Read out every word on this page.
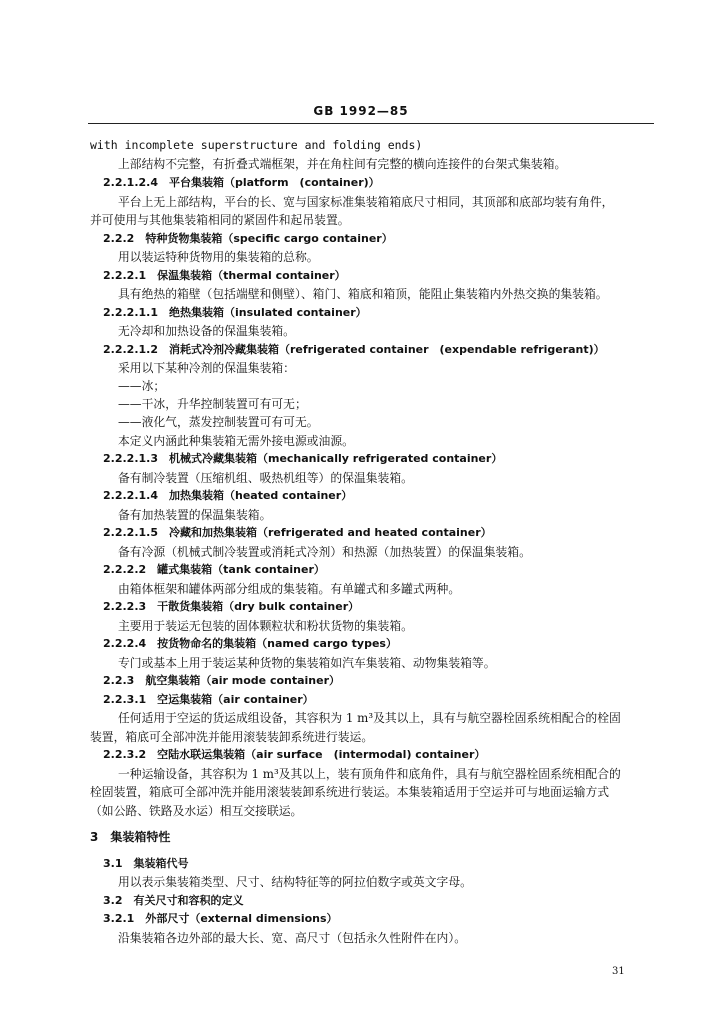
GB 1992—85
with incomplete superstructure and folding ends)
上部结构不完整，有折叠式端框架，并在角柱间有完整的横向连接件的台架式集装箱。
2.2.1.2.4　平台集装箱（platform　(container)）
平台上无上部结构，平台的长、宽与国家标准集装箱箱底尺寸相同，其顶部和底部均装有角件，
并可使用与其他集装箱相同的紧固件和起吊装置。
2.2.2　特种货物集装箱（specific cargo container）
用以装运特种货物用的集装箱的总称。
2.2.2.1　保温集装箱（thermal container）
具有绝热的箱壁（包括端壁和侧壁）、箱门、箱底和箱顶，能阻止集装箱内外热交换的集装箱。
2.2.2.1.1　绝热集装箱（insulated container）
无冷却和加热设备的保温集装箱。
2.2.2.1.2　消耗式冷剂冷藏集装箱（refrigerated container　(expendable refrigerant)）
采用以下某种冷剂的保温集装箱：
——冰；
——干冰，升华控制装置可有可无；
——液化气，蒸发控制装置可有可无。
本定义内涵此种集装箱无需外接电源或油源。
2.2.2.1.3　机械式冷藏集装箱（mechanically refrigerated container）
备有制冷装置（压缩机组、吸热机组等）的保温集装箱。
2.2.2.1.4　加热集装箱（heated container）
备有加热装置的保温集装箱。
2.2.2.1.5　冷藏和加热集装箱（refrigerated and heated container）
备有冷源（机械式制冷装置或消耗式冷剂）和热源（加热装置）的保温集装箱。
2.2.2.2　罐式集装箱（tank container）
由箱体框架和罐体两部分组成的集装箱。有单罐式和多罐式两种。
2.2.2.3　干散货集装箱（dry bulk container）
主要用于装运无包装的固体颗粒状和粉状货物的集装箱。
2.2.2.4　按货物命名的集装箱（named cargo types）
专门或基本上用于装运某种货物的集装箱如汽车集装箱、动物集装箱等。
2.2.3　航空集装箱（air mode container）
2.2.3.1　空运集装箱（air container）
任何适用于空运的货运成组设备，其容积为 1 m³及其以上，具有与航空器栓固系统相配合的栓固
装置，箱底可全部冲洗并能用滚装装卸系统进行装运。
2.2.3.2　空陆水联运集装箱（air surface　(intermodal) container）
一种运输设备，其容积为 1 m³及其以上，装有顶角件和底角件，具有与航空器栓固系统相配合的
栓固装置，箱底可全部冲洗并能用滚装装卸系统进行装运。本集装箱适用于空运并可与地面运输方式
（如公路、铁路及水运）相互交接联运。
3　集装箱特性
3.1　集装箱代号
用以表示集装箱类型、尺寸、结构特征等的阿拉伯数字或英文字母。
3.2　有关尺寸和容积的定义
3.2.1　外部尺寸（external dimensions）
沿集装箱各边外部的最大长、宽、高尺寸（包括永久性附件在内）。
31
